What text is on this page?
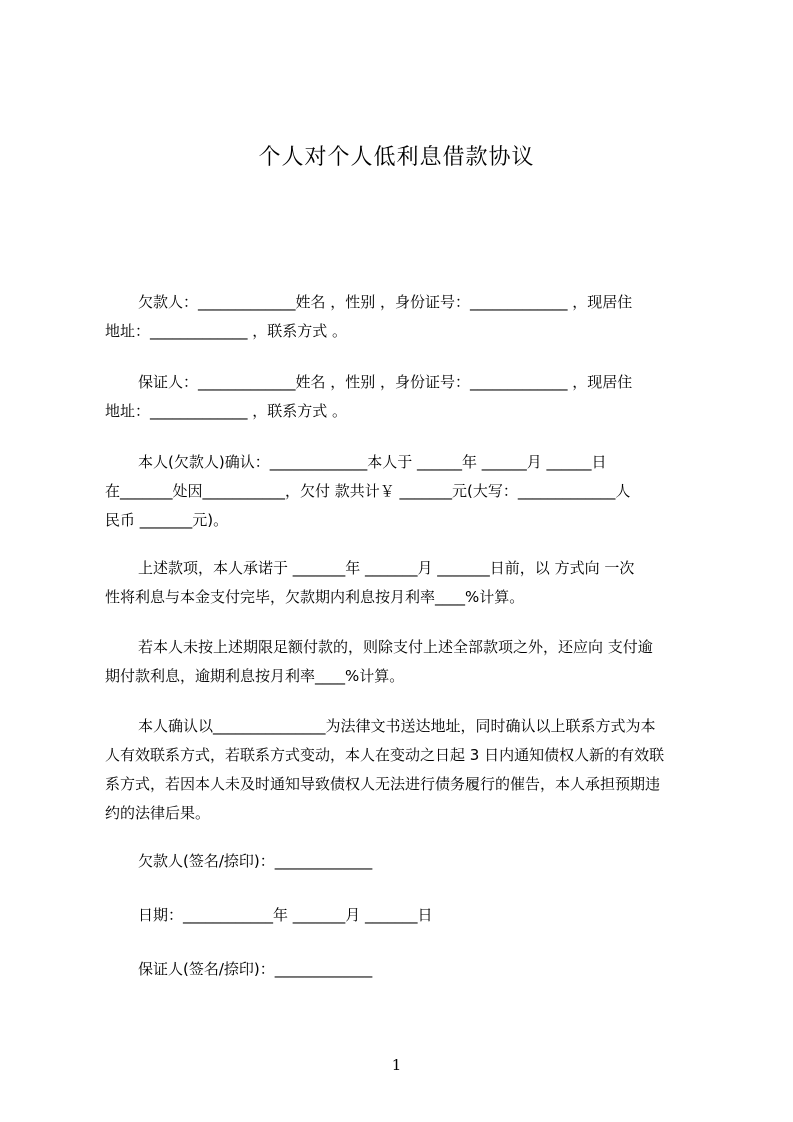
个人对个人低利息借款协议
欠款人：_____________姓名 ，性别 ，身份证号：_____________ ，现居住
地址：_____________ ，联系方式 。
保证人：_____________姓名 ，性别 ，身份证号：_____________ ，现居住
地址：_____________ ，联系方式 。
本人(欠款人)确认：_____________本人于 ______年 ______月 ______日
在_______处因___________，欠付 款共计￥ _______元(大写：_____________人
民币 _______元)。
上述款项，本人承诺于 _______年 _______月 _______日前，以 方式向 一次
性将利息与本金支付完毕，欠款期内利息按月利率____%计算。
若本人未按上述期限足额付款的，则除支付上述全部款项之外，还应向 支付逾
期付款利息，逾期利息按月利率____%计算。
本人确认以_______________为法律文书送达地址，同时确认以上联系方式为本
人有效联系方式，若联系方式变动，本人在变动之日起 3 日内通知债权人新的有效联
系方式，若因本人未及时通知导致债权人无法进行债务履行的催告，本人承担预期违
约的法律后果。
欠款人(签名/捺印)：_____________
日期：____________年 _______月 _______日
保证人(签名/捺印)：_____________
1
